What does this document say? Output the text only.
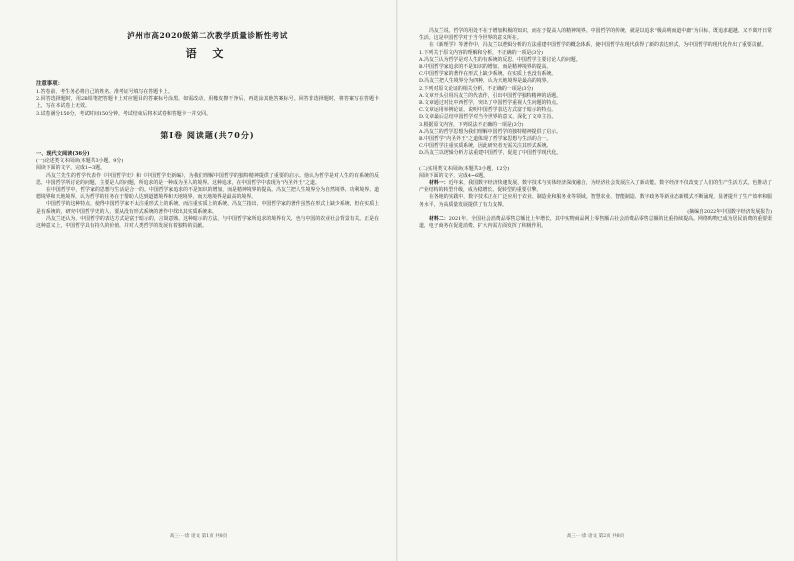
泸州市高2020级第二次教学质量诊断性考试

语 文

注意事项：

1.答卷前，考生务必将自己的姓名、准考证号填写在答题卡上。

2.回答选择题时，用2B铅笔把答题卡上对应题目的答案标号涂黑。如需改动，用橡皮擦干净后，再选涂其他答案标号。回答非选择题时，将答案写在答题卡上，写在本试卷上无效。

3.试卷满分150分，考试时间150分钟。考试结束后将本试卷和答题卡一并交回。

第Ⅰ卷 阅读题(共70分)

一、现代文阅读(36分)

(一)论述类文本阅读(本题共3小题，9分)

阅读下面的文字，完成1~3题。

冯友兰先生的哲学代表作《中国哲学史》和《中国哲学史新编》，为我们理解中国哲学的独特精神提供了重要的启示。他认为哲学是对人生的有系统的反思，中国哲学所讨论的问题，主要是人的问题，所追求的是一种成为圣人的境界。这种追求，在中国哲学中表现为“内圣外王”之道。

在中国哲学中，哲学家的思想与生活是合一的。中国哲学家追求的不是知识的增加，而是精神境界的提高。冯友兰把人生境界分为自然境界、功利境界、道德境界和天地境界，认为哲学的任务在于帮助人达到道德境界和天地境界，而天地境界是最高的境界。

中国哲学的这种特点，使得中国哲学家不太注重形式上的系统，而注重实质上的系统。冯友兰指出，中国哲学家的著作虽然在形式上缺少系统，但在实质上是有系统的，研究中国哲学史的人，要从没有形式系统的著作中找出其实质系统来。

冯友兰还认为，中国哲学的表达方式是富于暗示的，言简意赅。这种暗示的方法，与中国哲学家所追求的境界有关，也与中国的农业社会背景有关。正是在这种意义上，中国哲学具有持久的价值，并对人类哲学的发展有着独特的贡献。

高三·一诊 语文 第1页 共8页

冯友兰说，哲学的用处不在于增加积极的知识，而在于提高人的精神境界。中国哲学的传统，就是以追求“极高明而道中庸”为目标，既追求超越，又不离开日常生活。这是中国哲学对于当今世界的意义所在。

在《新理学》等著作中，冯友兰以逻辑分析的方法重建中国哲学的概念体系，使中国哲学在现代获得了新的表达形式，为中国哲学的现代化作出了重要贡献。

1.下列关于原文内容的理解和分析，不正确的一项是(3分)

A.冯友兰认为哲学是对人生的有系统的反思，中国哲学主要讨论人的问题。

B.中国哲学家追求的不是知识的增加，而是精神境界的提高。

C.中国哲学家的著作在形式上缺少系统，在实质上也没有系统。

D.冯友兰把人生境界分为四种，认为天地境界是最高的境界。

2.下列对原文论证的相关分析，不正确的一项是(3分)

A.文章开头引用冯友兰的代表作，引出中国哲学独特精神的话题。

B.文章通过对比中西哲学，突出了中国哲学重视人生问题的特点。

C.文章运用举例论证，说明中国哲学表达方式富于暗示的特点。

D.文章最后总结中国哲学对当今世界的意义，深化了文章主旨。

3.根据原文内容，下列说法不正确的一项是(3分)

A.冯友兰的哲学思想为我们理解中国哲学的独特精神提供了启示。

B.中国哲学“内圣外王”之道体现了哲学家思想与生活的合一。

C.中国哲学注重实质系统，因此研究者无需关注其形式系统。

D.冯友兰以逻辑分析方法重建中国哲学，促进了中国哲学现代化。

(二)实用类文本阅读(本题共3小题，12分)

阅读下面的文字，完成4~6题。

材料一：近年来，我国数字经济快速发展，数字技术与实体经济深度融合，为经济社会发展注入了新动能。数字经济不仅改变了人们的生产生活方式，也推动了产业结构的转型升级，成为稳增长、促转型的重要引擎。

在各地的实践中，数字技术正在广泛应用于农业、制造业和服务业等领域。智慧农业、智能制造、数字政务等新业态新模式不断涌现，显著提升了生产效率和服务水平，为高质量发展提供了有力支撑。

(摘编自2022年中国数字经济发展报告)

材料二：2021年，全国社会消费品零售总额比上年增长，其中实物商品网上零售额占社会消费品零售总额的比重持续提高。网络购物已成为居民消费的重要渠道，电子商务在促进消费、扩大内需方面发挥了积极作用。

高三·一诊 语文 第2页 共8页
